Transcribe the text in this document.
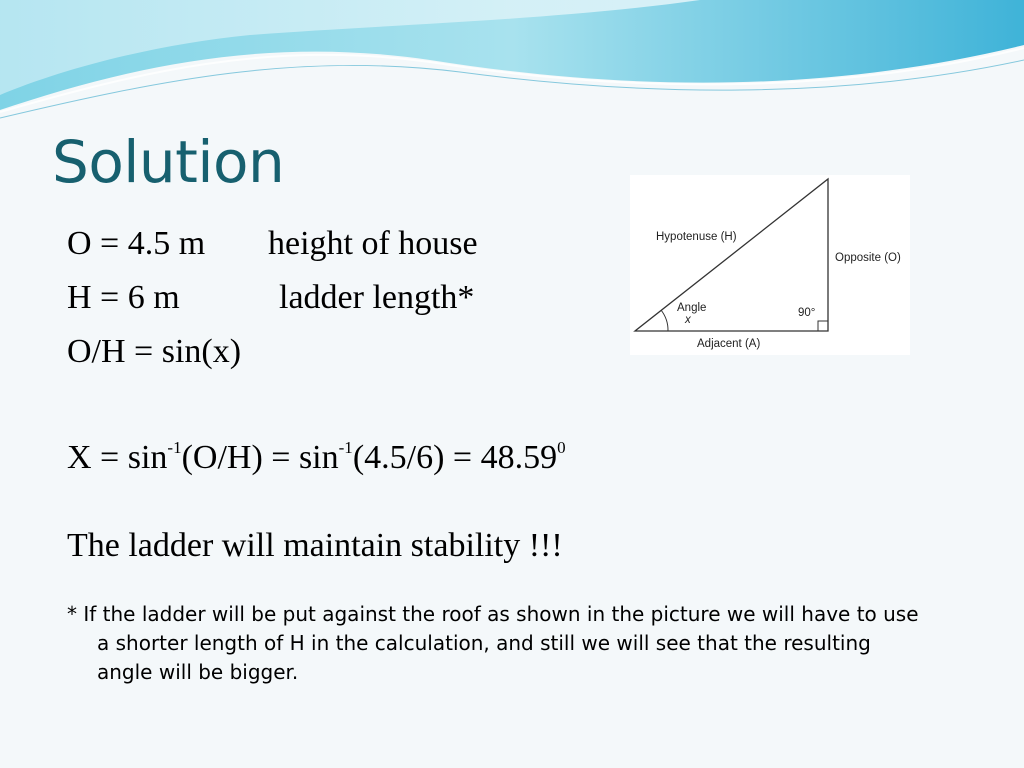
Solution
O = 4.5 m height of house
H = 6 m	ladder length*
O/H = sin(x)
$X = \sin^{-1}(O/H) = \sin^{-1}(4.5/6) = 48.59^0$
The ladder will maintain stability !!!
* If the ladder will be put against the roof as shown in the picture we will have to use

a shorter length of H in the calculation, and still we will see that the resulting
angle will be bigger.
Hypotenuse (H)
Opposite (O)
Adjacent (A)
Angle
x
90°
